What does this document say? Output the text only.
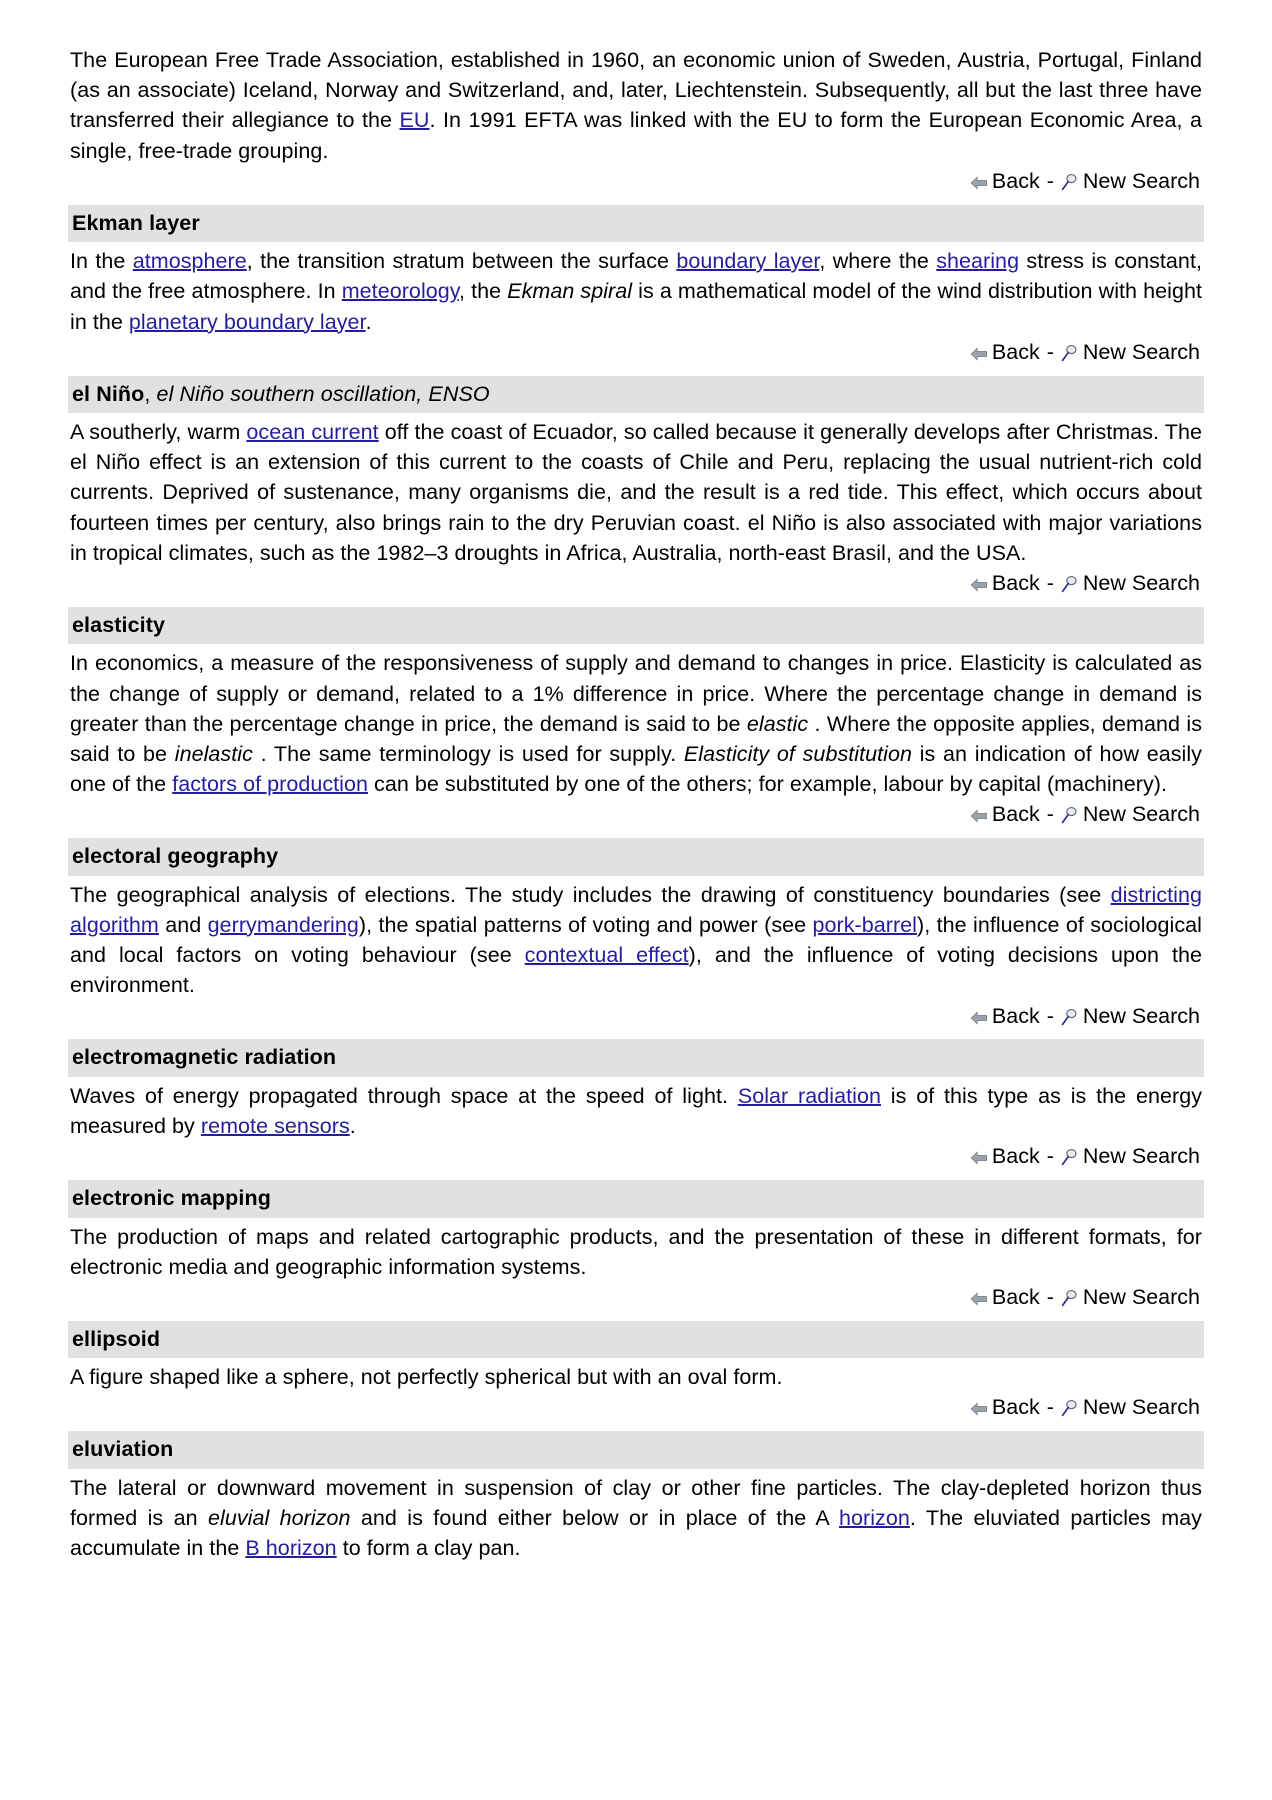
The European Free Trade Association, established in 1960, an economic union of Sweden, Austria, Portugal, Finland (as an associate) Iceland, Norway and Switzerland, and, later, Liechtenstein. Subsequently, all but the last three have transferred their allegiance to the EU. In 1991 EFTA was linked with the EU to form the European Economic Area, a single, free-trade grouping.
Back - New Search
Ekman layer
In the atmosphere, the transition stratum between the surface boundary layer, where the shearing stress is constant, and the free atmosphere. In meteorology, the Ekman spiral is a mathematical model of the wind distribution with height in the planetary boundary layer.
Back - New Search
el Niño, el Niño southern oscillation, ENSO
A southerly, warm ocean current off the coast of Ecuador, so called because it generally develops after Christmas. The el Niño effect is an extension of this current to the coasts of Chile and Peru, replacing the usual nutrient-rich cold currents. Deprived of sustenance, many organisms die, and the result is a red tide. This effect, which occurs about fourteen times per century, also brings rain to the dry Peruvian coast. el Niño is also associated with major variations in tropical climates, such as the 1982–3 droughts in Africa, Australia, north-east Brasil, and the USA.
Back - New Search
elasticity
In economics, a measure of the responsiveness of supply and demand to changes in price. Elasticity is calculated as the change of supply or demand, related to a 1% difference in price. Where the percentage change in demand is greater than the percentage change in price, the demand is said to be elastic . Where the opposite applies, demand is said to be inelastic . The same terminology is used for supply. Elasticity of substitution is an indication of how easily one of the factors of production can be substituted by one of the others; for example, labour by capital (machinery).
Back - New Search
electoral geography
The geographical analysis of elections. The study includes the drawing of constituency boundaries (see districting algorithm and gerrymandering), the spatial patterns of voting and power (see pork-barrel), the influence of sociological and local factors on voting behaviour (see contextual effect), and the influence of voting decisions upon the environment.
Back - New Search
electromagnetic radiation
Waves of energy propagated through space at the speed of light. Solar radiation is of this type as is the energy measured by remote sensors.
Back - New Search
electronic mapping
The production of maps and related cartographic products, and the presentation of these in different formats, for electronic media and geographic information systems.
Back - New Search
ellipsoid
A figure shaped like a sphere, not perfectly spherical but with an oval form.
Back - New Search
eluviation
The lateral or downward movement in suspension of clay or other fine particles. The clay-depleted horizon thus formed is an eluvial horizon and is found either below or in place of the A horizon. The eluviated particles may accumulate in the B horizon to form a clay pan.
